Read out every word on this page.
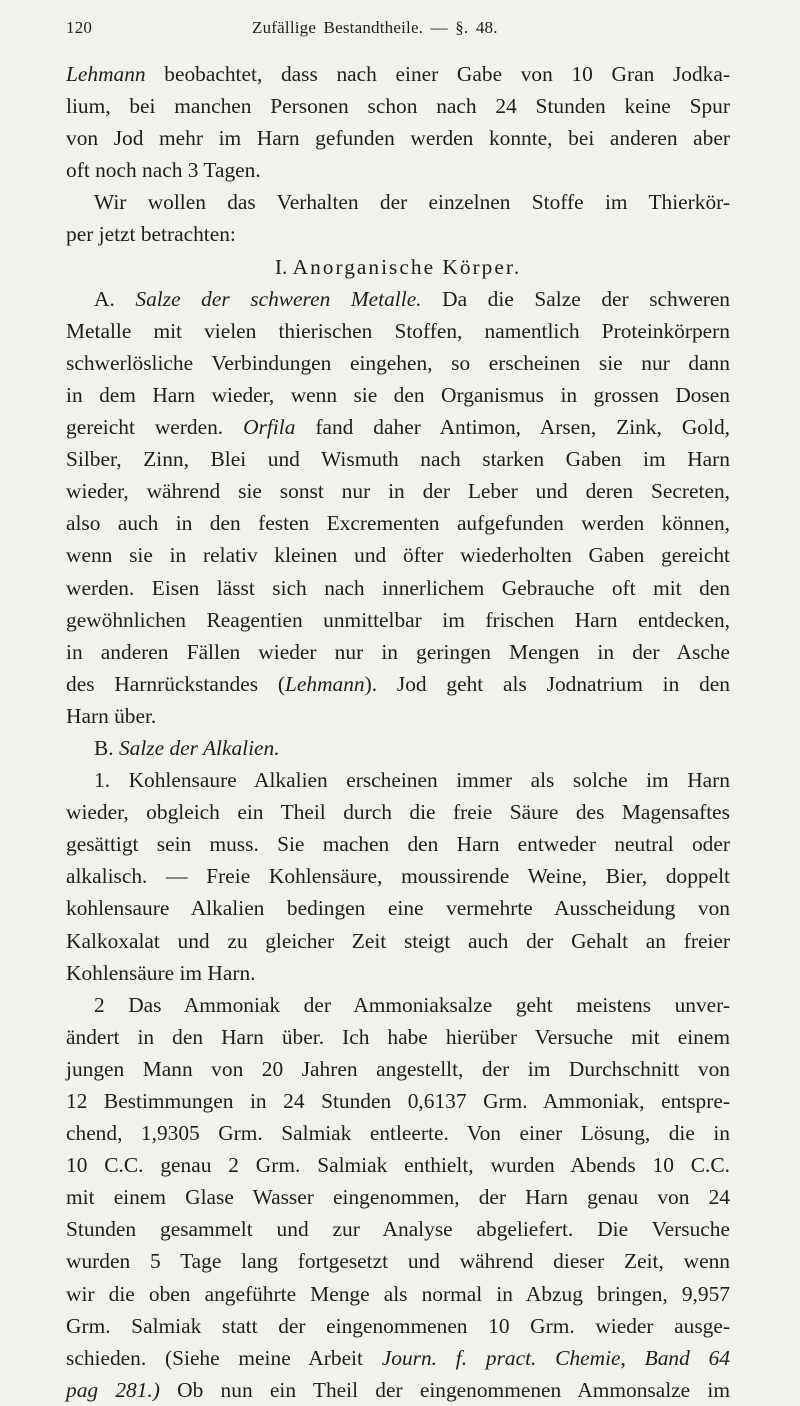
120	Zufällige Bestandtheile. — §. 48.
Lehmann beobachtet, dass nach einer Gabe von 10 Gran Jodka-
lium, bei manchen Personen schon nach 24 Stunden keine Spur
von Jod mehr im Harn gefunden werden konnte, bei anderen aber
oft noch nach 3 Tagen.
Wir wollen das Verhalten der einzelnen Stoffe im Thierkör-
per jetzt betrachten:
I. Anorganische Körper.
A. Salze der schweren Metalle. Da die Salze der schweren
Metalle mit vielen thierischen Stoffen, namentlich Proteinkörpern
schwerlösliche Verbindungen eingehen, so erscheinen sie nur dann
in dem Harn wieder, wenn sie den Organismus in grossen Dosen
gereicht werden. Orfila fand daher Antimon, Arsen, Zink, Gold,
Silber, Zinn, Blei und Wismuth nach starken Gaben im Harn
wieder, während sie sonst nur in der Leber und deren Secreten,
also auch in den festen Excrementen aufgefunden werden können,
wenn sie in relativ kleinen und öfter wiederholten Gaben gereicht
werden. Eisen lässt sich nach innerlichem Gebrauche oft mit den
gewöhnlichen Reagentien unmittelbar im frischen Harn entdecken,
in anderen Fällen wieder nur in geringen Mengen in der Asche
des Harnrückstandes (Lehmann). Jod geht als Jodnatrium in den
Harn über.
B. Salze der Alkalien.
1. Kohlensaure Alkalien erscheinen immer als solche im Harn
wieder, obgleich ein Theil durch die freie Säure des Magensaftes
gesättigt sein muss. Sie machen den Harn entweder neutral oder
alkalisch. — Freie Kohlensäure, moussirende Weine, Bier, doppelt
kohlensaure Alkalien bedingen eine vermehrte Ausscheidung von
Kalkoxalat und zu gleicher Zeit steigt auch der Gehalt an freier
Kohlensäure im Harn.
2 Das Ammoniak der Ammoniaksalze geht meistens unver-
ändert in den Harn über. Ich habe hierüber Versuche mit einem
jungen Mann von 20 Jahren angestellt, der im Durchschnitt von
12 Bestimmungen in 24 Stunden 0,6137 Grm. Ammoniak, entspre-
chend, 1,9305 Grm. Salmiak entleerte. Von einer Lösung, die in
10 C.C. genau 2 Grm. Salmiak enthielt, wurden Abends 10 C.C.
mit einem Glase Wasser eingenommen, der Harn genau von 24
Stunden gesammelt und zur Analyse abgeliefert. Die Versuche
wurden 5 Tage lang fortgesetzt und während dieser Zeit, wenn
wir die oben angeführte Menge als normal in Abzug bringen, 9,957
Grm. Salmiak statt der eingenommenen 10 Grm. wieder ausge-
schieden. (Siehe meine Arbeit Journ. f. pract. Chemie, Band 64
pag 281.) Ob nun ein Theil der eingenommenen Ammonsalze im
